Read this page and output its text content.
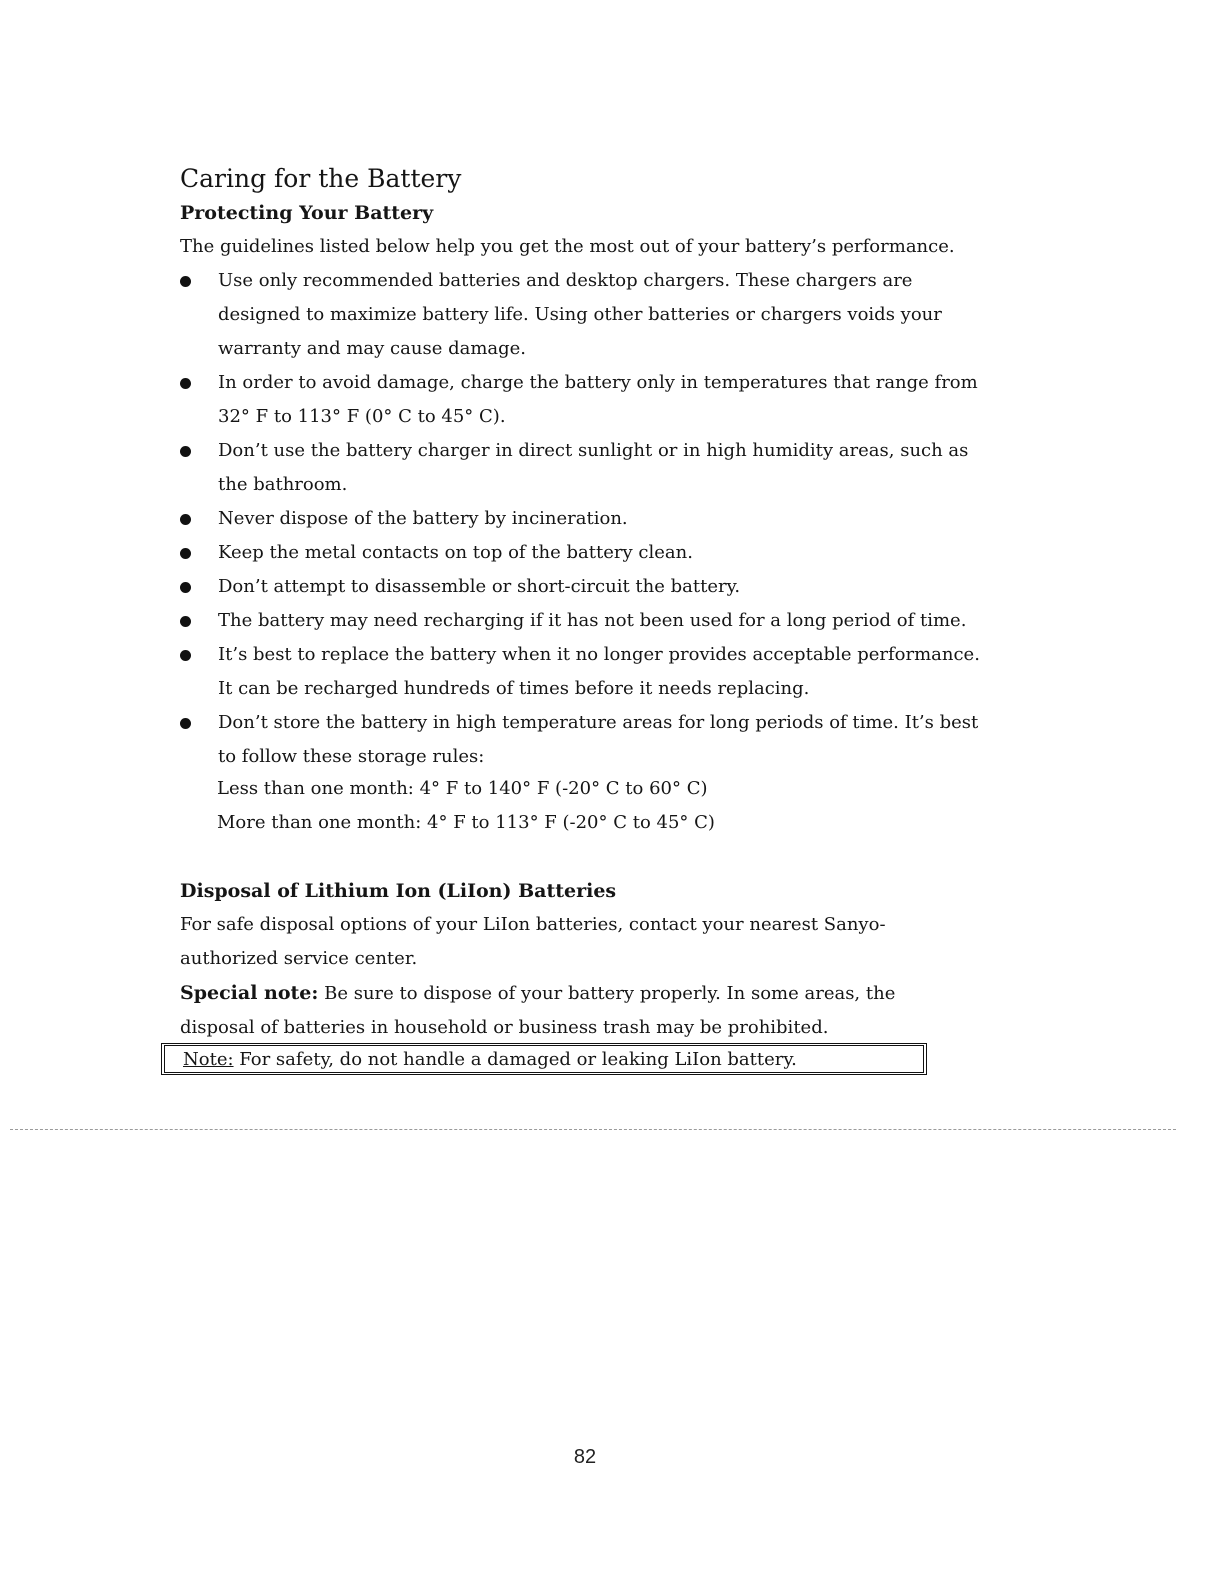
Caring for the Battery
Protecting Your Battery
The guidelines listed below help you get the most out of your battery’s performance.
Use only recommended batteries and desktop chargers. These chargers are designed to maximize battery life. Using other batteries or chargers voids your warranty and may cause damage.
In order to avoid damage, charge the battery only in temperatures that range from 32° F to 113° F (0° C to 45° C).
Don’t use the battery charger in direct sunlight or in high humidity areas, such as the bathroom.
Never dispose of the battery by incineration.
Keep the metal contacts on top of the battery clean.
Don’t attempt to disassemble or short-circuit the battery.
The battery may need recharging if it has not been used for a long period of time.
It’s best to replace the battery when it no longer provides acceptable performance. It can be recharged hundreds of times before it needs replacing.
Don’t store the battery in high temperature areas for long periods of time. It’s best to follow these storage rules:
Less than one month: 4° F to 140° F (-20° C to 60° C)
More than one month: 4° F to 113° F (-20° C to 45° C)
Disposal of Lithium Ion (LiIon) Batteries
For safe disposal options of your LiIon batteries, contact your nearest Sanyo-authorized service center.
Special note: Be sure to dispose of your battery properly. In some areas, the disposal of batteries in household or business trash may be prohibited.
Note: For safety, do not handle a damaged or leaking LiIon battery.
82
